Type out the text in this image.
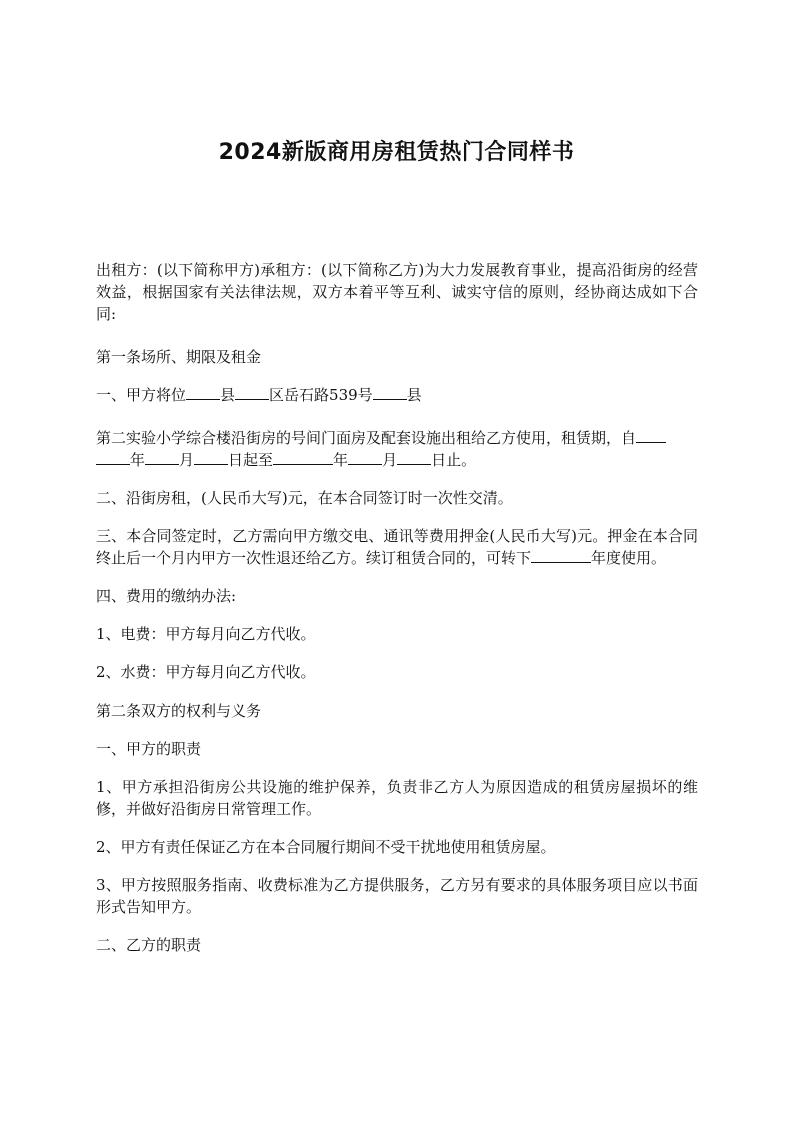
2024新版商用房租赁热门合同样书

出租方：(以下简称甲方)承租方：(以下简称乙方)为大力发展教育事业，提高沿街房的经营效益，根据国家有关法律法规，双方本着平等互利、诚实守信的原则，经协商达成如下合同:

第一条场所、期限及租金

一、甲方将位 县 区岳石路539号 县

第二实验小学综合楼沿街房的号间门面房及配套设施出租给乙方使用，租赁期，自
年 月 日起至	年 月 日止。

二、沿街房租，(人民币大写)元，在本合同签订时一次性交清。

三、本合同签定时，乙方需向甲方缴交电、通讯等费用押金(人民币大写)元。押金在本合同终止后一个月内甲方一次性退还给乙方。续订租赁合同的，可转下	年度使用。

四、费用的缴纳办法:

1、电费：甲方每月向乙方代收。

2、水费：甲方每月向乙方代收。

第二条双方的权利与义务

一、甲方的职责

1、甲方承担沿街房公共设施的维护保养，负责非乙方人为原因造成的租赁房屋损坏的维修，并做好沿街房日常管理工作。

2、甲方有责任保证乙方在本合同履行期间不受干扰地使用租赁房屋。

3、甲方按照服务指南、收费标准为乙方提供服务，乙方另有要求的具体服务项目应以书面形式告知甲方。

二、乙方的职责
